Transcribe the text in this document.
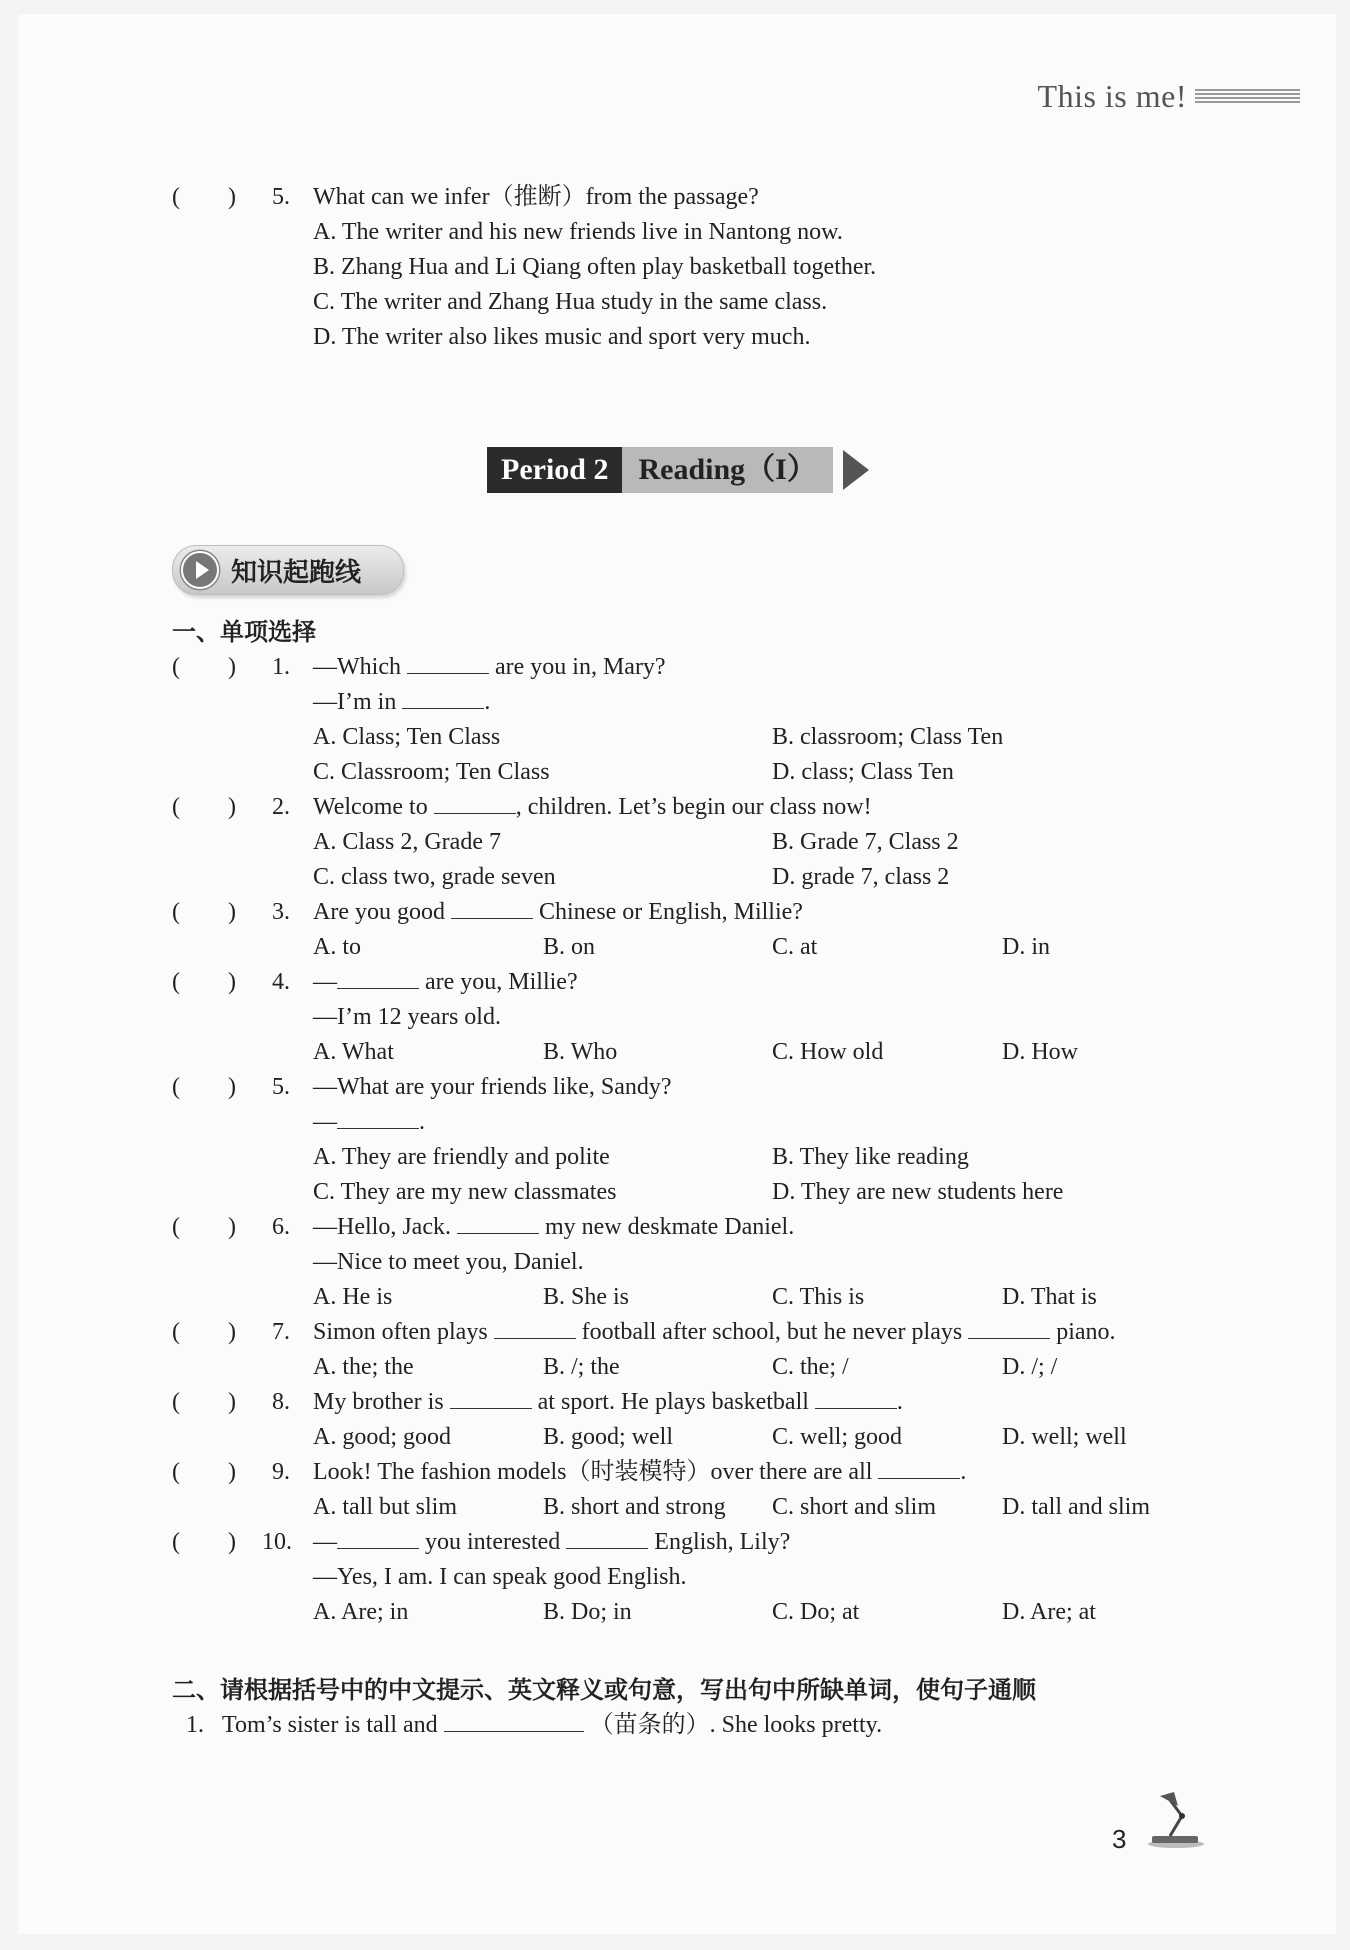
This is me!
(　　) 5. What can we infer（推断）from the passage?
A. The writer and his new friends live in Nantong now.
B. Zhang Hua and Li Qiang often play basketball together.
C. The writer and Zhang Hua study in the same class.
D. The writer also likes music and sport very much.
Period 2	Reading（I）
知识起跑线
一、单项选择
(　　) 1. —Which	are you in, Mary?
—I’m in	.
A. Class; Ten Class	B. classroom; Class Ten
C. Classroom; Ten Class	D. class; Class Ten
(　　) 2. Welcome to	, children. Let’s begin our class now!
A. Class 2, Grade 7	B. Grade 7, Class 2
C. class two, grade seven	D. grade 7, class 2
(　　) 3. Are you good	Chinese or English, Millie?
A. to	B. on	C. at	D. in
(　　) 4. —	are you, Millie?
—I’m 12 years old.
A. What	B. Who	C. How old	D. How
(　　) 5. —What are your friends like, Sandy?
—	.
A. They are friendly and polite	B. They like reading
C. They are my new classmates	D. They are new students here
(　　) 6. —Hello, Jack.	my new deskmate Daniel.
—Nice to meet you, Daniel.
A. He is	B. She is	C. This is	D. That is
(　　) 7. Simon often plays	football after school, but he never plays	piano.
A. the; the	B. /; the	C. the; /	D. /; /
(　　) 8. My brother is	at sport. He plays basketball	.
A. good; good	B. good; well	C. well; good	D. well; well
(　　) 9. Look! The fashion models（时装模特）over there are all	.
A. tall but slim	B. short and strong C. short and slim	D. tall and slim
(　　) 10. —	you interested	English, Lily?
—Yes, I am. I can speak good English.
A. Are; in	B. Do; in	C. Do; at	D. Are; at
二、请根据括号中的中文提示、英文释义或句意，写出句中所缺单词，使句子通顺
1. Tom’s sister is tall and	（苗条的）. She looks pretty.
3
